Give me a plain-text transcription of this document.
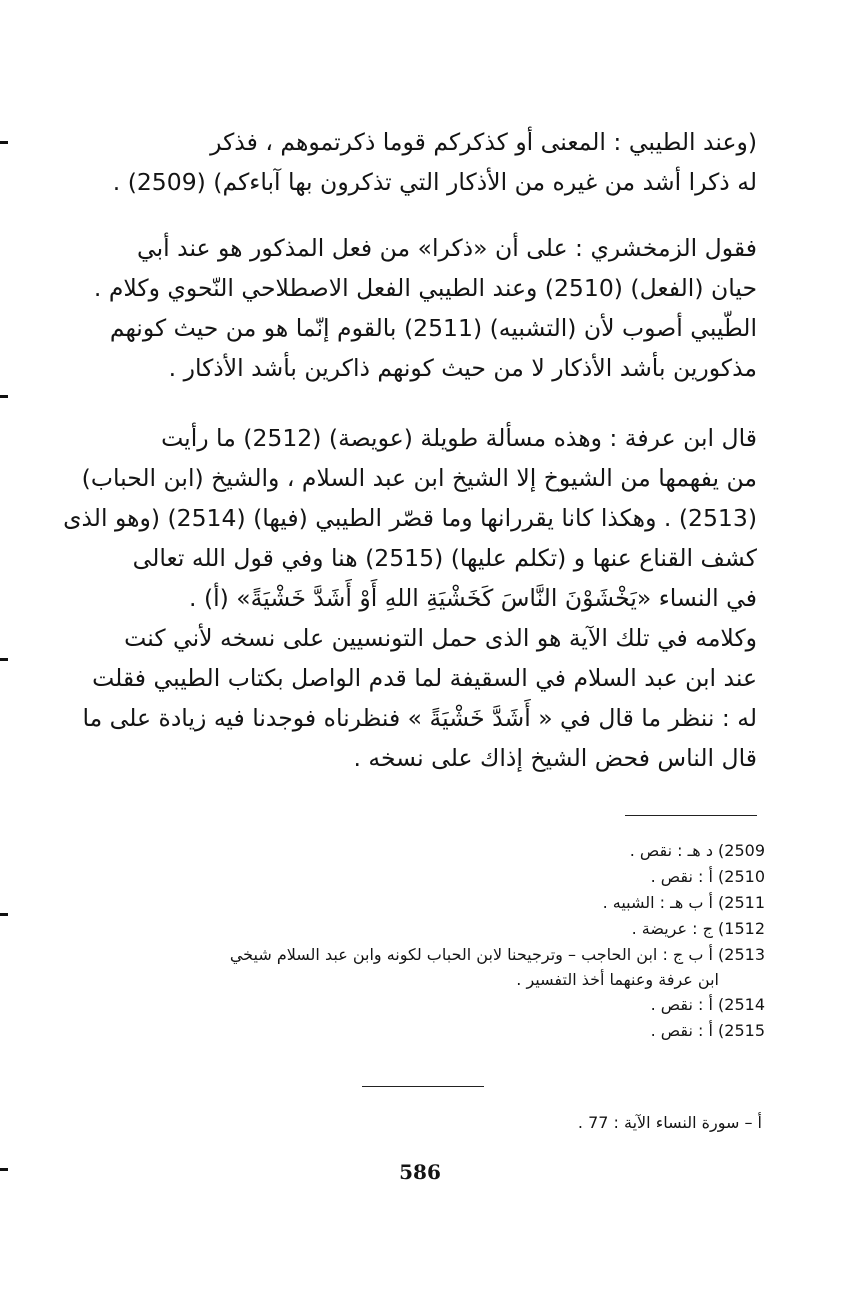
(وعند الطيبي : المعنى أو كذكركم قوما ذكرتموهم ، فذكر
له ذكرا أشد من غيره من الأذكار التي تذكرون بها آباءكم) (2509) .

فقول الزمخشري : على أن «ذكرا» من فعل المذكور هو عند أبي
حيان (الفعل) (2510) وعند الطيبي الفعل الاصطلاحي النّحوي وكلام .
الطّيبي أصوب لأن (التشبيه) (2511) بالقوم إنّما هو من حيث كونهم
مذكورين بأشد الأذكار لا من حيث كونهم ذاكرين بأشد الأذكار .

قال ابن عرفة : وهذه مسألة طويلة (عويصة) (2512) ما رأيت
من يفهمها من الشيوخ إلا الشيخ ابن عبد السلام ، والشيخ (ابن الحباب)
(2513) . وهكذا كانا يقررانها وما قصّر الطيبي (فيها) (2514) (وهو الذى
كشف القناع عنها و (تكلم عليها) (2515) هنا وفي قول الله تعالى
في النساء «يَخْشَوْنَ النَّاسَ كَخَشْيَةِ اللهِ أَوْ أَشَدَّ خَشْيَةً» (أ) .
وكلامه في تلك الآية هو الذى حمل التونسيين على نسخه لأني كنت
عند ابن عبد السلام في السقيفة لما قدم الواصل بكتاب الطيبي فقلت
له : ننظر ما قال في « أَشَدَّ خَشْيَةً » فنظرناه فوجدنا فيه زيادة على ما
قال الناس فحض الشيخ إذاك على نسخه .

2509) د هـ : نقص .
2510) أ : نقص .
2511) أ ب هـ : الشبيه .
1512) ج : عريضة .
2513) أ ب ج : ابن الحاجب – وترجيحنا لابن الحباب لكونه وابن عبد السلام شيخي
ابن عرفة وعنهما أخذ التفسير .
2514) أ : نقص .
2515) أ : نقص .
أ – سورة النساء الآية : 77 .
586
